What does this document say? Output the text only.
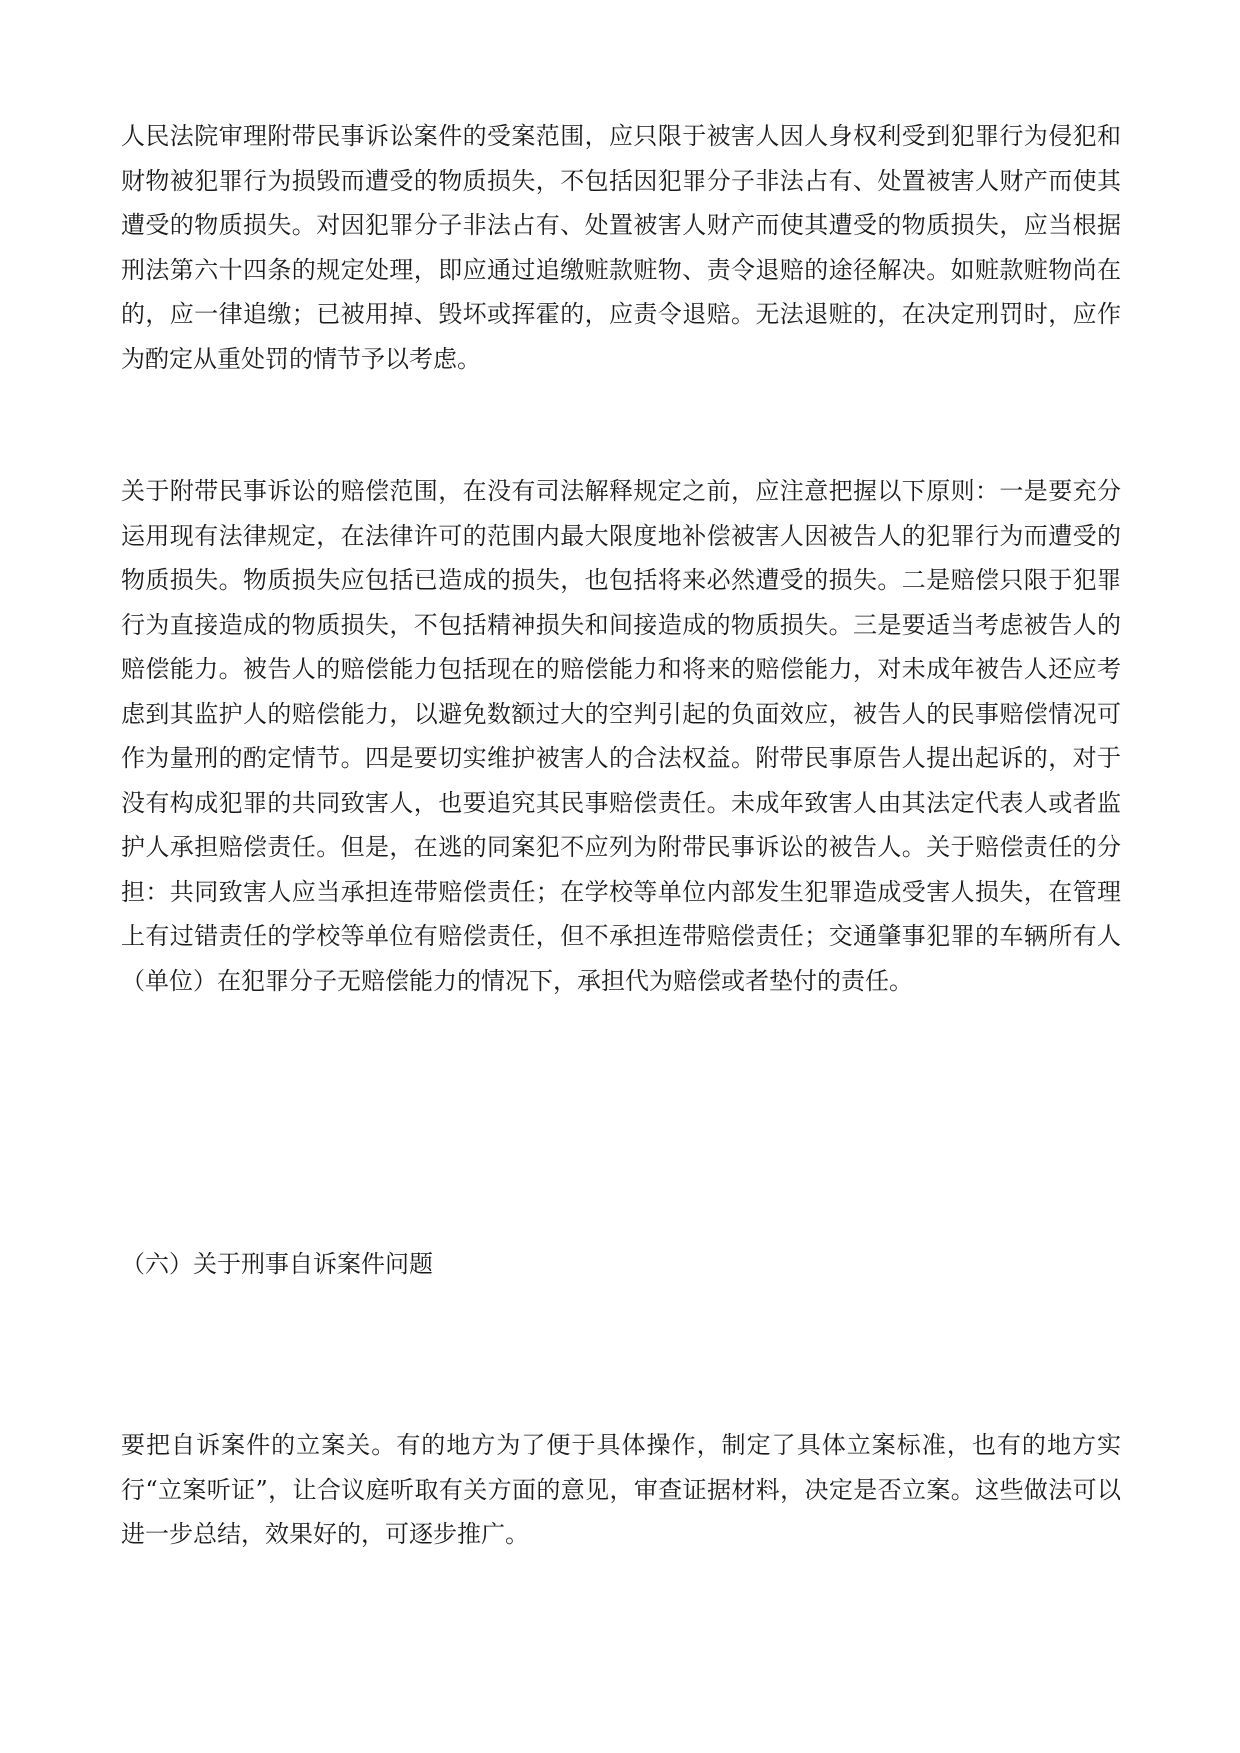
人民法院审理附带民事诉讼案件的受案范围，应只限于被害人因人身权利受到犯罪行为侵犯和财物被犯罪行为损毁而遭受的物质损失，不包括因犯罪分子非法占有、处置被害人财产而使其遭受的物质损失。对因犯罪分子非法占有、处置被害人财产而使其遭受的物质损失，应当根据刑法第六十四条的规定处理，即应通过追缴赃款赃物、责令退赔的途径解决。如赃款赃物尚在的，应一律追缴；已被用掉、毁坏或挥霍的，应责令退赔。无法退赃的，在决定刑罚时，应作为酌定从重处罚的情节予以考虑。

关于附带民事诉讼的赔偿范围，在没有司法解释规定之前，应注意把握以下原则：一是要充分运用现有法律规定，在法律许可的范围内最大限度地补偿被害人因被告人的犯罪行为而遭受的物质损失。物质损失应包括已造成的损失，也包括将来必然遭受的损失。二是赔偿只限于犯罪行为直接造成的物质损失，不包括精神损失和间接造成的物质损失。三是要适当考虑被告人的赔偿能力。被告人的赔偿能力包括现在的赔偿能力和将来的赔偿能力，对未成年被告人还应考虑到其监护人的赔偿能力，以避免数额过大的空判引起的负面效应，被告人的民事赔偿情况可作为量刑的酌定情节。四是要切实维护被害人的合法权益。附带民事原告人提出起诉的，对于没有构成犯罪的共同致害人，也要追究其民事赔偿责任。未成年致害人由其法定代表人或者监护人承担赔偿责任。但是，在逃的同案犯不应列为附带民事诉讼的被告人。关于赔偿责任的分担：共同致害人应当承担连带赔偿责任；在学校等单位内部发生犯罪造成受害人损失，在管理上有过错责任的学校等单位有赔偿责任，但不承担连带赔偿责任；交通肇事犯罪的车辆所有人（单位）在犯罪分子无赔偿能力的情况下，承担代为赔偿或者垫付的责任。

（六）关于刑事自诉案件问题

要把自诉案件的立案关。有的地方为了便于具体操作，制定了具体立案标准，也有的地方实行“立案听证”，让合议庭听取有关方面的意见，审查证据材料，决定是否立案。这些做法可以进一步总结，效果好的，可逐步推广。
